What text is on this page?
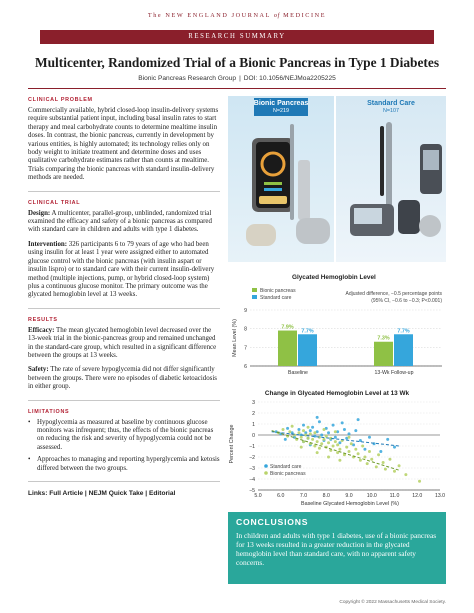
The NEW ENGLAND JOURNAL of MEDICINE
RESEARCH SUMMARY
Multicenter, Randomized Trial of a Bionic Pancreas in Type 1 Diabetes
Bionic Pancreas Research Group | DOI: 10.1056/NEJMoa2205225
CLINICAL PROBLEM

Commercially available, hybrid closed-loop insulin-delivery systems require substantial patient input, including basal insulin rates to start therapy and meal carbohydrate counts to determine mealtime insulin doses. In contrast, the bionic pancreas, currently in development by various entities, is highly automated; its technology relies only on body weight to initiate treatment and determine doses and uses qualitative carbohydrate estimates rather than counts at mealtime. Trials comparing the bionic pancreas with standard insulin-delivery methods are needed.

CLINICAL TRIAL

Design: A multicenter, parallel-group, unblinded, randomized trial examined the efficacy and safety of a bionic pancreas as compared with standard care in children and adults with type 1 diabetes.

Intervention: 326 participants 6 to 79 years of age who had been using insulin for at least 1 year were assigned either to automated glucose control with the bionic pancreas (with insulin aspart or insulin lispro) or to standard care with their current insulin-delivery method (multiple injections, pump, or hybrid closed-loop system) plus a continuous glucose monitor. The primary outcome was the glycated hemoglobin level at 13 weeks.

RESULTS

Efficacy: The mean glycated hemoglobin level decreased over the 13-week trial in the bionic-pancreas group and remained unchanged in the standard-care group, which resulted in a significant difference between the groups at 13 weeks.

Safety: The rate of severe hypoglycemia did not differ significantly between the groups. There were no episodes of diabetic ketoacidosis in either group.

LIMITATIONS
• Hypoglycemia as measured at baseline by continuous glucose monitors was infrequent; thus, the effects of the bionic pancreas on reducing the risk and severity of hypoglycemia could not be assessed.
• Approaches to managing and reporting hyperglycemia and ketosis differed between the two groups.
Links: Full Article | NEJM Quick Take | Editorial
Bionic Pancreas
N=219
Standard Care
N=107
Glycated Hemoglobin Level
Mean Level (%)
9
8
7
6
7.9%
7.7%
Baseline
7.3%
7.7%
13-Wk Follow-up
Bionic pancreas
Standard care
Adjusted difference, −0.5 percentage points
(95% CI, −0.6 to −0.3; P<0.001)
Change in Glycated Hemoglobin Level at 13 Wk
Percent Change
Baseline Glycated Hemoglobin Level (%)
3
2
1
0
−1
−2
−3
−4
−5
5.0	6.0	7.0	8.0	9.0	10.0 11.0 12.0 13.0
Standard care
Bionic pancreas
CONCLUSIONS

In children and adults with type 1 diabetes, use of a bionic pancreas for 13 weeks resulted in a greater reduction in the glycated hemoglobin level than standard care, with no apparent safety concerns.

Copyright © 2022 Massachusetts Medical Society.
